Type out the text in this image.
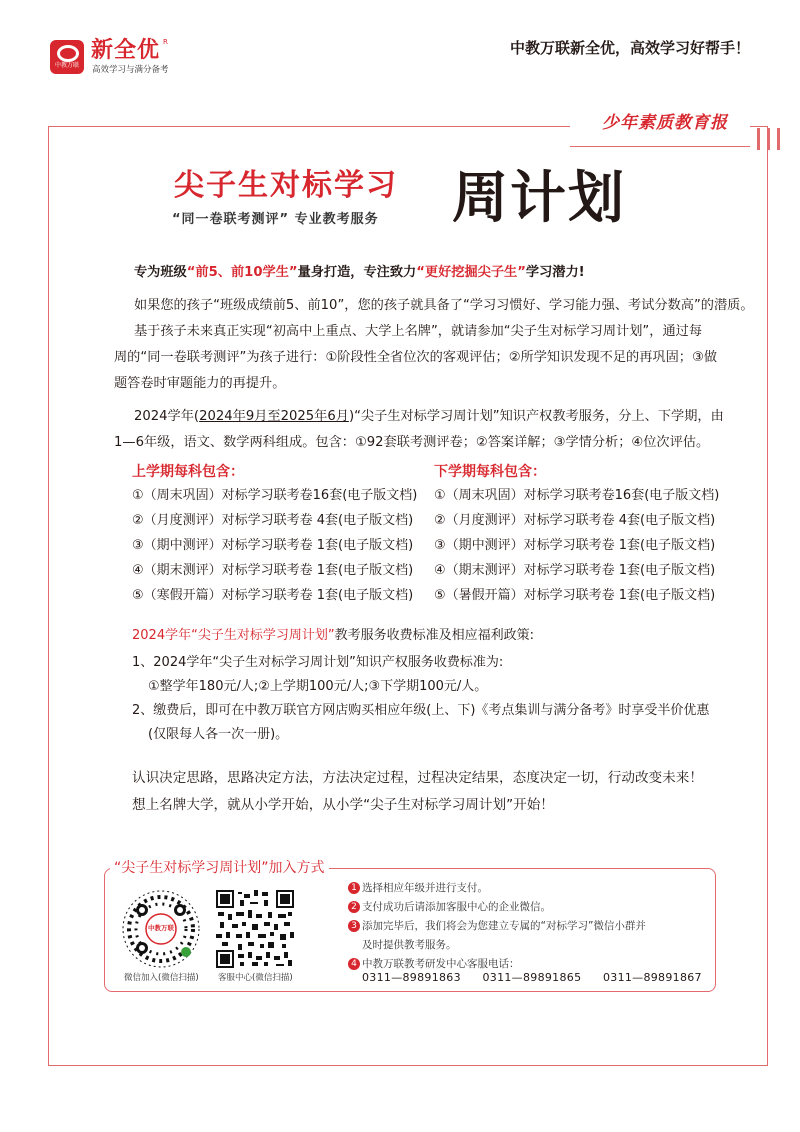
中教万联
新全优 R
高效学习与满分备考
中教万联新全优，高效学习好帮手！
少年素质教育报
尖子生对标学习
“同一卷联考测评” 专业教考服务 周计划
专为班级“前5、前10学生”量身打造，专注致力“更好挖掘尖子生”学习潜力!
如果您的孩子“班级成绩前5、前10”，您的孩子就具备了“学习习惯好、学习能力强、考试分数高”的潜质。
基于孩子未来真正实现“初高中上重点、大学上名牌”，就请参加“尖子生对标学习周计划”，通过每
周的“同一卷联考测评”为孩子进行：①阶段性全省位次的客观评估；②所学知识发现不足的再巩固；③做
题答卷时审题能力的再提升。
2024学年(2024年9月至2025年6月)“尖子生对标学习周计划”知识产权教考服务，分上、下学期，由
1—6年级，语文、数学两科组成。包含：①92套联考测评卷；②答案详解；③学情分析；④位次评估。
上学期每科包含：
①（周末巩固）对标学习联考卷16套(电子版文档)
②（月度测评）对标学习联考卷 4套(电子版文档)
③（期中测评）对标学习联考卷 1套(电子版文档)
④（期末测评）对标学习联考卷 1套(电子版文档)
⑤（寒假开篇）对标学习联考卷 1套(电子版文档)
下学期每科包含：
①（周末巩固）对标学习联考卷16套(电子版文档)
②（月度测评）对标学习联考卷 4套(电子版文档)
③（期中测评）对标学习联考卷 1套(电子版文档)
④（期末测评）对标学习联考卷 1套(电子版文档)
⑤（暑假开篇）对标学习联考卷 1套(电子版文档)
2024学年“尖子生对标学习周计划”教考服务收费标准及相应福利政策:
1、2024学年“尖子生对标学习周计划”知识产权服务收费标准为:
①整学年180元/人;②上学期100元/人;③下学期100元/人。
2、缴费后，即可在中教万联官方网店购买相应年级(上、下)《考点集训与满分备考》时享受半价优惠
(仅限每人各一次一册)。
认识决定思路，思路决定方法，方法决定过程，过程决定结果，态度决定一切，行动改变未来！
想上名牌大学，就从小学开始，从小学“尖子生对标学习周计划”开始！
“尖子生对标学习周计划”加入方式
中教万联
微信加入(微信扫描) 客服中心(微信扫描)
1 选择相应年级并进行支付。
2 支付成功后请添加客服中心的企业微信。
3 添加完毕后，我们将会为您建立专属的“对标学习”微信小群并
及时提供教考服务。
4 中教万联教考研发中心客服电话：
0311—89891863 0311—89891865 0311—89891867
